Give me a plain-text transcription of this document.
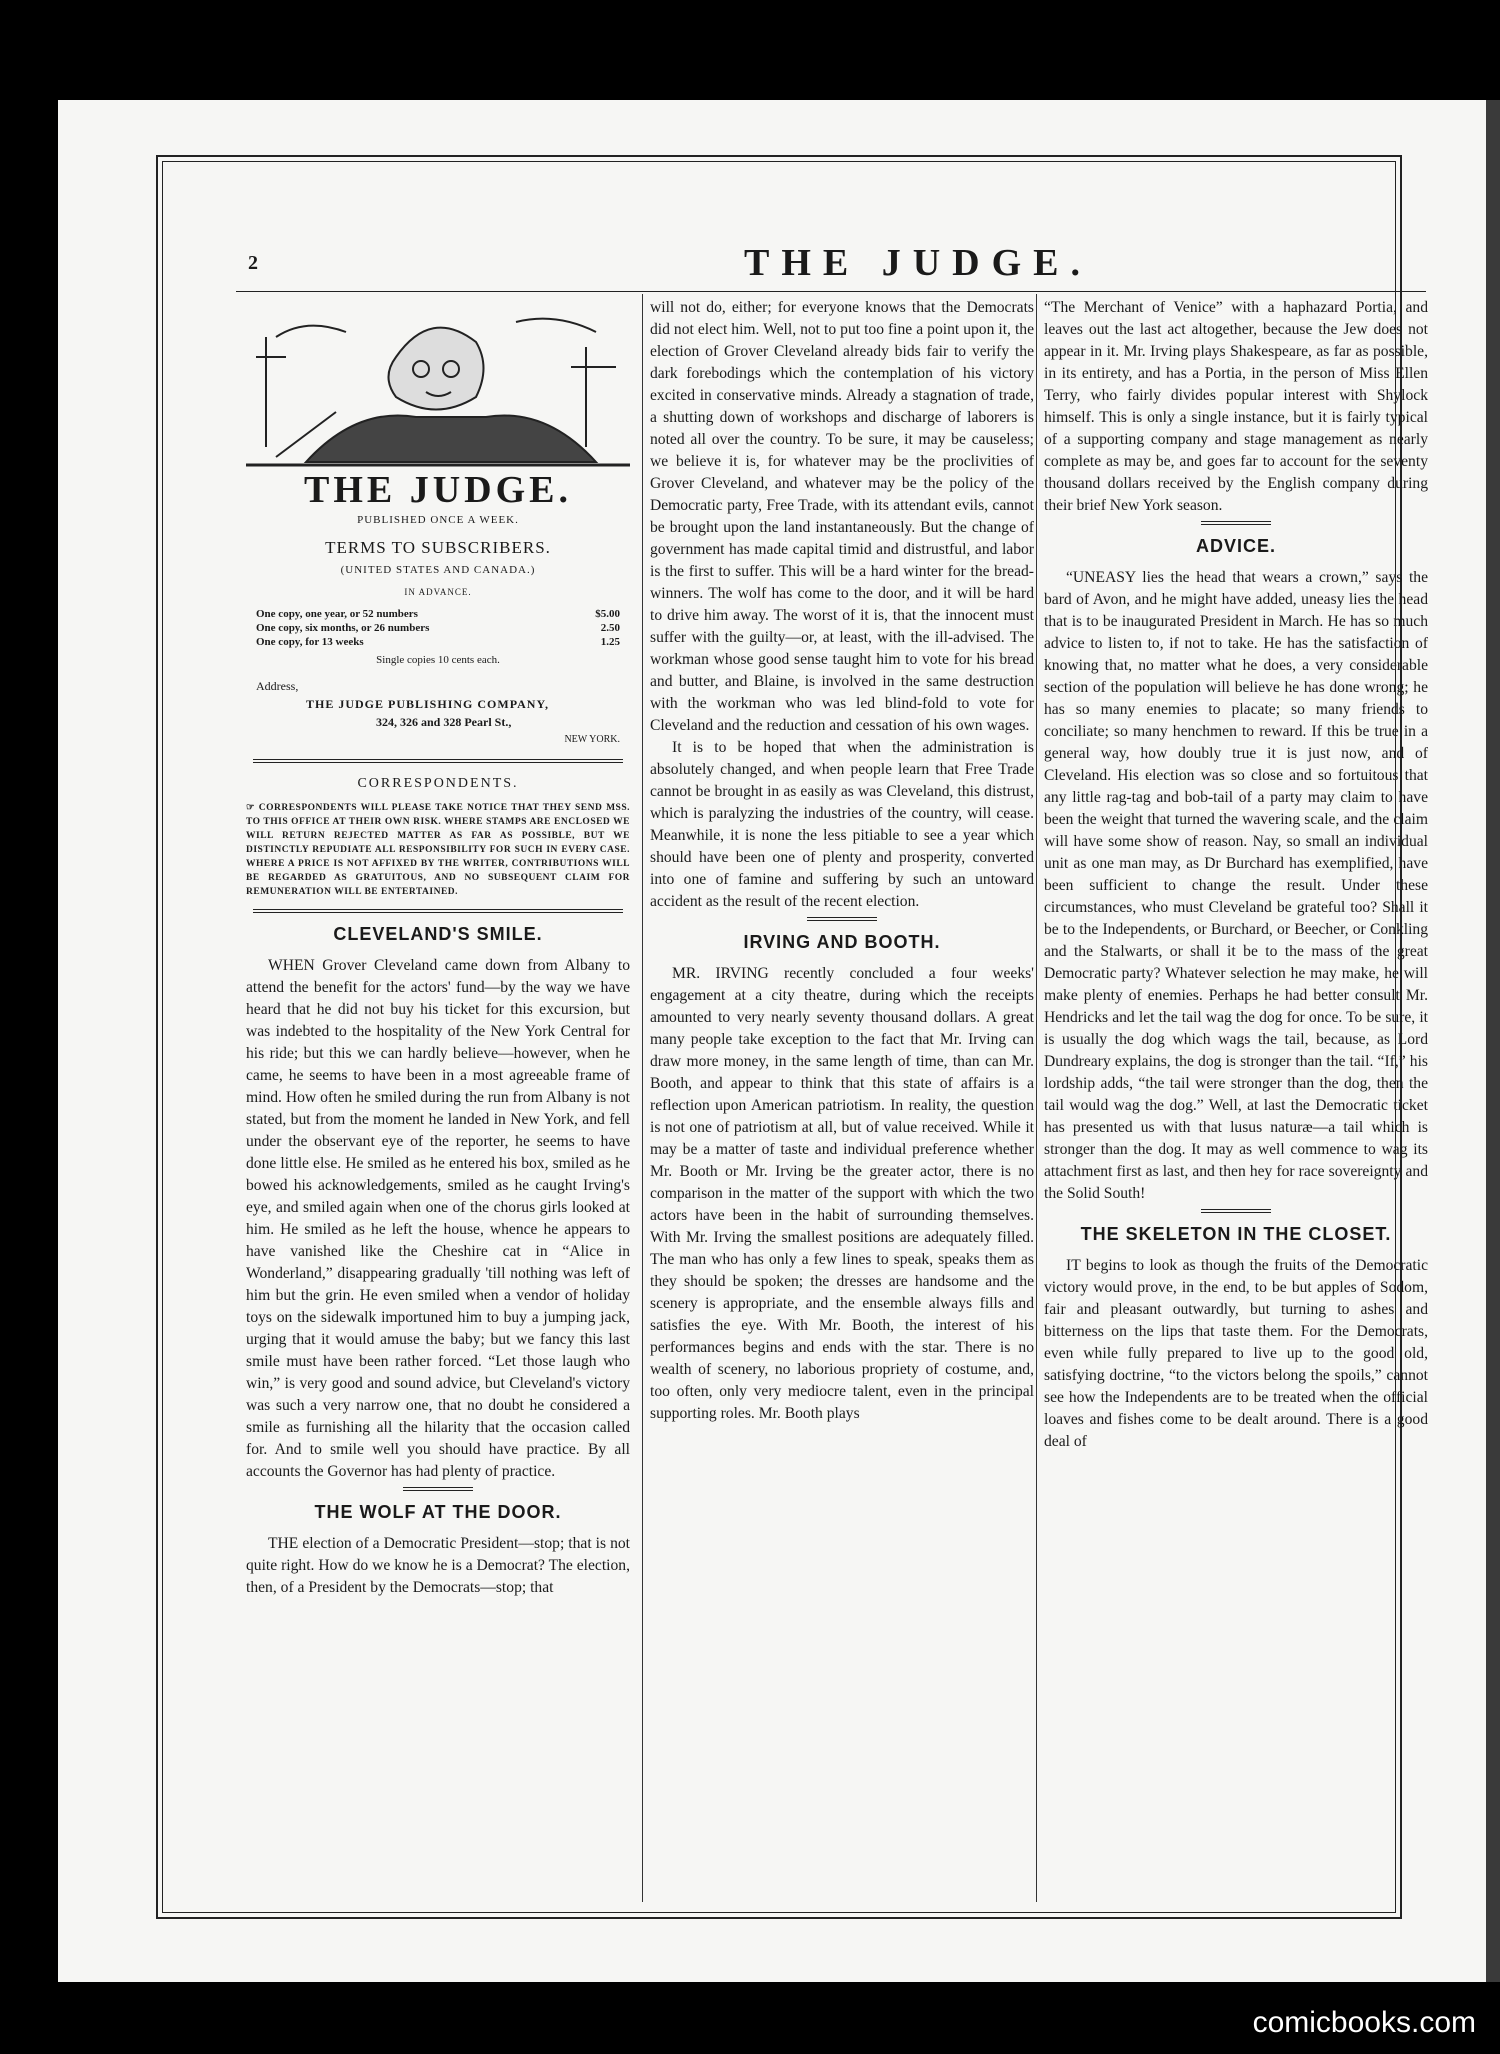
2	THE JUDGE.
THE JUDGE.
PUBLISHED ONCE A WEEK.
TERMS TO SUBSCRIBERS.
(UNITED STATES AND CANADA.)
IN ADVANCE.
One copy, one year, or 52 numbers	$5.00
One copy, six months, or 26 numbers	2.50
One copy, for 13 weeks	1.25
Single copies 10 cents each.
Address,
THE JUDGE PUBLISHING COMPANY,
324, 326 and 328 Pearl St.,
NEW YORK.
CORRESPONDENTS.
☞ CORRESPONDENTS WILL PLEASE TAKE NOTICE THAT THEY SEND MSS. TO THIS OFFICE AT THEIR OWN RISK. WHERE STAMPS ARE ENCLOSED WE WILL RETURN REJECTED MATTER AS FAR AS POSSIBLE, BUT WE DISTINCTLY REPUDIATE ALL RESPONSIBILITY FOR SUCH IN EVERY CASE. WHERE A PRICE IS NOT AFFIXED BY THE WRITER, CONTRIBUTIONS WILL BE REGARDED AS GRATUITOUS, AND NO SUBSEQUENT CLAIM FOR REMUNERATION WILL BE ENTERTAINED.
CLEVELAND'S SMILE.

WHEN Grover Cleveland came down from Albany to attend the benefit for the actors' fund—by the way we have heard that he did not buy his ticket for this excursion, but was indebted to the hospitality of the New York Central for his ride; but this we can hardly believe—however, when he came, he seems to have been in a most agreeable frame of mind. How often he smiled during the run from Albany is not stated, but from the moment he landed in New York, and fell under the observant eye of the reporter, he seems to have done little else. He smiled as he entered his box, smiled as he bowed his acknowledgements, smiled as he caught Irving's eye, and smiled again when one of the chorus girls looked at him. He smiled as he left the house, whence he appears to have vanished like the Cheshire cat in “Alice in Wonderland,” disappearing gradually 'till nothing was left of him but the grin. He even smiled when a vendor of holiday toys on the sidewalk importuned him to buy a jumping jack, urging that it would amuse the baby; but we fancy this last smile must have been rather forced. “Let those laugh who win,” is very good and sound advice, but Cleveland's victory was such a very narrow one, that no doubt he considered a smile as furnishing all the hilarity that the occasion called for. And to smile well you should have practice. By all accounts the Governor has had plenty of practice.

THE WOLF AT THE DOOR.

THE election of a Democratic President—stop; that is not quite right. How do we know he is a Democrat? The election, then, of a President by the Democrats—stop; that

will not do, either; for everyone knows that the Democrats did not elect him. Well, not to put too fine a point upon it, the election of Grover Cleveland already bids fair to verify the dark forebodings which the contemplation of his victory excited in conservative minds. Already a stagnation of trade, a shutting down of workshops and discharge of laborers is noted all over the country. To be sure, it may be causeless; we believe it is, for whatever may be the proclivities of Grover Cleveland, and whatever may be the policy of the Democratic party, Free Trade, with its attendant evils, cannot be brought upon the land instantaneously. But the change of government has made capital timid and distrustful, and labor is the first to suffer. This will be a hard winter for the bread-winners. The wolf has come to the door, and it will be hard to drive him away. The worst of it is, that the innocent must suffer with the guilty—or, at least, with the ill-advised. The workman whose good sense taught him to vote for his bread and butter, and Blaine, is involved in the same destruction with the workman who was led blind-fold to vote for Cleveland and the reduction and cessation of his own wages.

It is to be hoped that when the administration is absolutely changed, and when people learn that Free Trade cannot be brought in as easily as was Cleveland, this distrust, which is paralyzing the industries of the country, will cease. Meanwhile, it is none the less pitiable to see a year which should have been one of plenty and prosperity, converted into one of famine and suffering by such an untoward accident as the result of the recent election.

IRVING AND BOOTH.

MR. IRVING recently concluded a four weeks' engagement at a city theatre, during which the receipts amounted to very nearly seventy thousand dollars. A great many people take exception to the fact that Mr. Irving can draw more money, in the same length of time, than can Mr. Booth, and appear to think that this state of affairs is a reflection upon American patriotism. In reality, the question is not one of patriotism at all, but of value received. While it may be a matter of taste and individual preference whether Mr. Booth or Mr. Irving be the greater actor, there is no comparison in the matter of the support with which the two actors have been in the habit of surrounding themselves. With Mr. Irving the smallest positions are adequately filled. The man who has only a few lines to speak, speaks them as they should be spoken; the dresses are handsome and the scenery is appropriate, and the ensemble always fills and satisfies the eye. With Mr. Booth, the interest of his performances begins and ends with the star. There is no wealth of scenery, no laborious propriety of costume, and, too often, only very mediocre talent, even in the principal supporting roles. Mr. Booth plays

“The Merchant of Venice” with a haphazard Portia, and leaves out the last act altogether, because the Jew does not appear in it. Mr. Irving plays Shakespeare, as far as possible, in its entirety, and has a Portia, in the person of Miss Ellen Terry, who fairly divides popular interest with Shylock himself. This is only a single instance, but it is fairly typical of a supporting company and stage management as nearly complete as may be, and goes far to account for the seventy thousand dollars received by the English company during their brief New York season.

ADVICE.

“UNEASY lies the head that wears a crown,” says the bard of Avon, and he might have added, uneasy lies the head that is to be inaugurated President in March. He has so much advice to listen to, if not to take. He has the satisfaction of knowing that, no matter what he does, a very considerable section of the population will believe he has done wrong; he has so many enemies to placate; so many friends to conciliate; so many henchmen to reward. If this be true in a general way, how doubly true it is just now, and of Cleveland. His election was so close and so fortuitous that any little rag-tag and bob-tail of a party may claim to have been the weight that turned the wavering scale, and the claim will have some show of reason. Nay, so small an individual unit as one man may, as Dr Burchard has exemplified, have been sufficient to change the result. Under these circumstances, who must Cleveland be grateful too? Shall it be to the Independents, or Burchard, or Beecher, or Conkling and the Stalwarts, or shall it be to the mass of the great Democratic party? Whatever selection he may make, he will make plenty of enemies. Perhaps he had better consult Mr. Hendricks and let the tail wag the dog for once. To be sure, it is usually the dog which wags the tail, because, as Lord Dundreary explains, the dog is stronger than the tail. “If,” his lordship adds, “the tail were stronger than the dog, then the tail would wag the dog.” Well, at last the Democratic ticket has presented us with that lusus naturæ—a tail which is stronger than the dog. It may as well commence to wag its attachment first as last, and then hey for race sovereignty and the Solid South!

THE SKELETON IN THE CLOSET.

IT begins to look as though the fruits of the Democratic victory would prove, in the end, to be but apples of Sodom, fair and pleasant outwardly, but turning to ashes and bitterness on the lips that taste them. For the Democrats, even while fully prepared to live up to the good old, satisfying doctrine, “to the victors belong the spoils,” cannot see how the Independents are to be treated when the official loaves and fishes come to be dealt around. There is a good deal of

comicbooks.com
